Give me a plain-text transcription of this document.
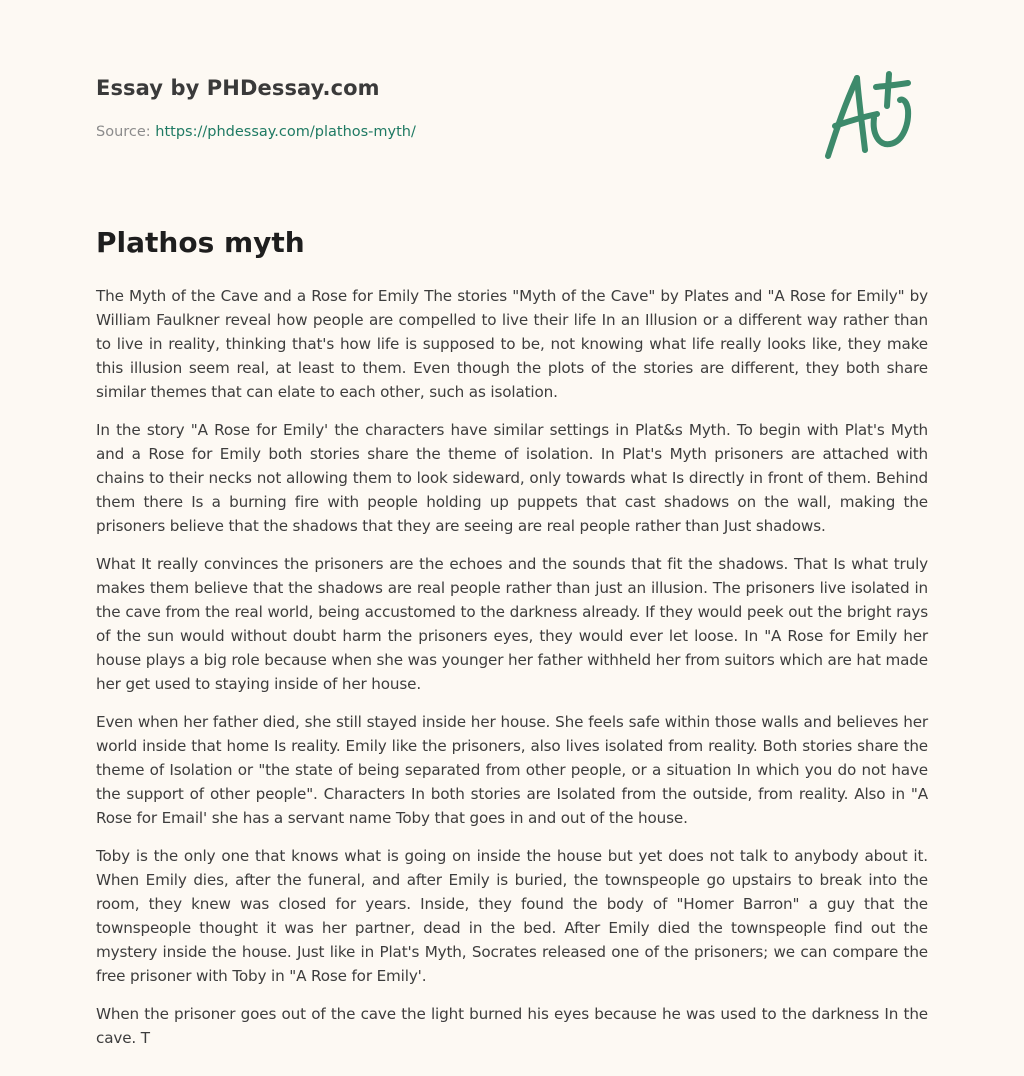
Essay by PHDessay.com
Source: https://phdessay.com/plathos-myth/
Plathos myth

The Myth of the Cave and a Rose for Emily The stories "Myth of the Cave" by Plates and "A Rose for Emily" by William Faulkner reveal how people are compelled to live their life In an Illusion or a different way rather than to live in reality, thinking that's how life is supposed to be, not knowing what life really looks like, they make this illusion seem real, at least to them. Even though the plots of the stories are different, they both share similar themes that can elate to each other, such as isolation.

In the story "A Rose for Emily' the characters have similar settings in Plat&s Myth. To begin with Plat's Myth and a Rose for Emily both stories share the theme of isolation. In Plat's Myth prisoners are attached with chains to their necks not allowing them to look sideward, only towards what Is directly in front of them. Behind them there Is a burning fire with people holding up puppets that cast shadows on the wall, making the prisoners believe that the shadows that they are seeing are real people rather than Just shadows.

What It really convinces the prisoners are the echoes and the sounds that fit the shadows. That Is what truly makes them believe that the shadows are real people rather than just an illusion. The prisoners live isolated in the cave from the real world, being accustomed to the darkness already. If they would peek out the bright rays of the sun would without doubt harm the prisoners eyes, they would ever let loose. In "A Rose for Emily her house plays a big role because when she was younger her father withheld her from suitors which are hat made her get used to staying inside of her house.

Even when her father died, she still stayed inside her house. She feels safe within those walls and believes her world inside that home Is reality. Emily like the prisoners, also lives isolated from reality. Both stories share the theme of Isolation or "the state of being separated from other people, or a situation In which you do not have the support of other people". Characters In both stories are Isolated from the outside, from reality. Also in "A Rose for Email' she has a servant name Toby that goes in and out of the house.

Toby is the only one that knows what is going on inside the house but yet does not talk to anybody about it. When Emily dies, after the funeral, and after Emily is buried, the townspeople go upstairs to break into the room, they knew was closed for years. Inside, they found the body of "Homer Barron" a guy that the townspeople thought it was her partner, dead in the bed. After Emily died the townspeople find out the mystery inside the house. Just like in Plat's Myth, Socrates released one of the prisoners; we can compare the free prisoner with Toby in "A Rose for Emily'.

When the prisoner goes out of the cave the light burned his eyes because he was used to the darkness In the cave. T
